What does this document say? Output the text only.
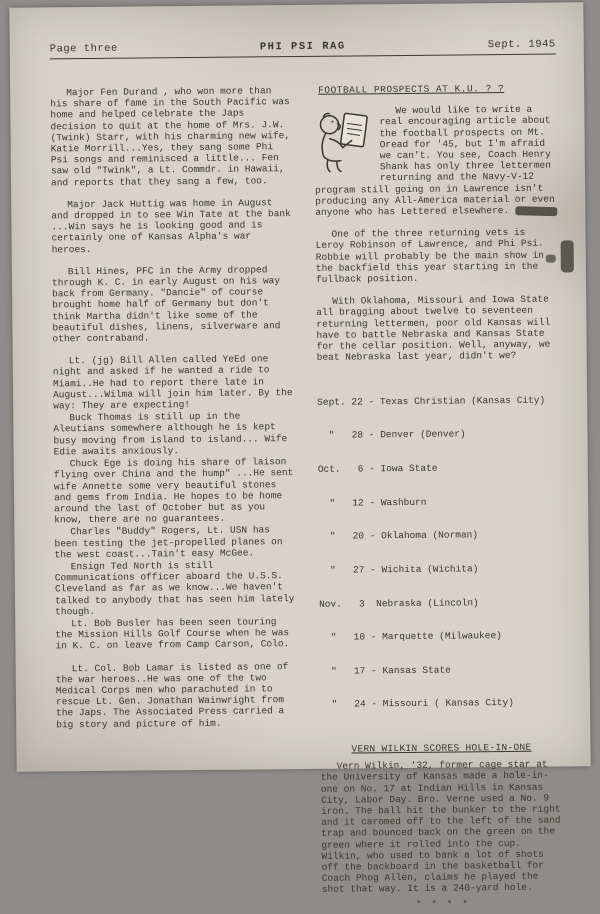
Page three	PHI PSI RAG	Sept. 1945

Major Fen Durand , who won more than his share of fame in the South Pacific was home and helped celebrate the Japs decision to quit at the home of Mrs. J.W. (Twink) Starr, with his charming new wife, Katie Morrill...Yes, they sang some Phi Psi songs and reminisced a little... Fen saw old "Twink", a Lt. Commdr. in Hawaii, and reports that they sang a few, too.

Major Jack Huttig was home in August and dropped in to see Win Tate at the bank ...Win says he is looking good and is certainly one of Kansas Alpha's war heroes.

Bill Hines, PFC in the Army dropped through K. C. in early August on his way back from Germany. "Dancie" of course brought home half of Germany but don't think Martha didn't like some of the beautiful dishes, linens, silverware and other contraband.

Lt. (jg) Bill Allen called YeEd one night and asked if he wanted a ride to Miami..He had to report there late in August...Wilma will join him later. By the way: They are expecting!

Buck Thomas is still up in the Aleutians somewhere although he is kept busy moving from island to island... Wife Edie awaits anxiously.

Chuck Ege is doing his share of laison flying over China and the hump" ...He sent wife Annette some very beautiful stones and gems from India. He hopes to be home around the last of October but as you know, there are no guarantees.

Charles "Buddy" Rogers, Lt. USN has been testing the jet-propelled planes on the west coast...Tain't easy McGee.

Ensign Ted North is still Communications officer aboard the U.S.S. Cleveland as far as we know...We haven't talked to anybody that has seen him lately though.

Lt. Bob Busler has been seen touring the Mission Hills Golf Course when he was in K. C. on leave from Camp Carson, Colo.

Lt. Col. Bob Lamar is listed as one of the war heroes..He was one of the two Medical Corps men who parachuted in to rescue Lt. Gen. Jonathan Wainwright from the Japs. The Associated Press carried a big story and picture of him.

FOOTBALL PROSPECTS AT K.U. ? ?

We would like to write a real encouraging article about the football prospects on Mt. Oread for '45, but I'm afraid we can't. You see, Coach Henry Shank has only three lettermen returning and the Navy-V-12 program still going on in Lawrence isn't producing any All-America material or even anyone who has Lettered elsewhere.

One of the three returning vets is Leroy Robinson of Lawrence, and Phi Psi. Robbie will probably be the main show in the backfield this year starting in the fullback position.

With Oklahoma, Missouri and Iowa State all bragging about twelve to seventeen returning lettermen, poor old Kansas will have to battle Nebraska and Kansas State for the cellar position. Well, anyway, we beat Nebraska last year, didn't we?

Sept. 22 - Texas Christian (Kansas City)

"   28 - Denver (Denver)

Oct.   6 - Iowa State

"   12 - Washburn

"   20 - Oklahoma (Norman)

"   27 - Wichita (Wichita)

Nov.   3  Nebraska (Lincoln)

"   10 - Marquette (Milwaukee)

"   17 - Kansas State

"   24 - Missouri ( Kansas City)

VERN WILKIN SCORES HOLE-IN-ONE

Vern Wilkin, '32, former cage star at the University of Kansas made a hole-in-one on No. 17 at Indian Hills in Kansas City, Labor Day. Bro. Verne used a No. 9 iron. The ball hit the bunker to the right and it caromed off to the left of the sand trap and bounced back on the green on the green where it rolled into the cup. Wilkin, who used to bank a lot of shots off the backboard in the basketball for Coach Phog Allen, claims he played the shot that way. It is a 240-yard hole.

* * * *
